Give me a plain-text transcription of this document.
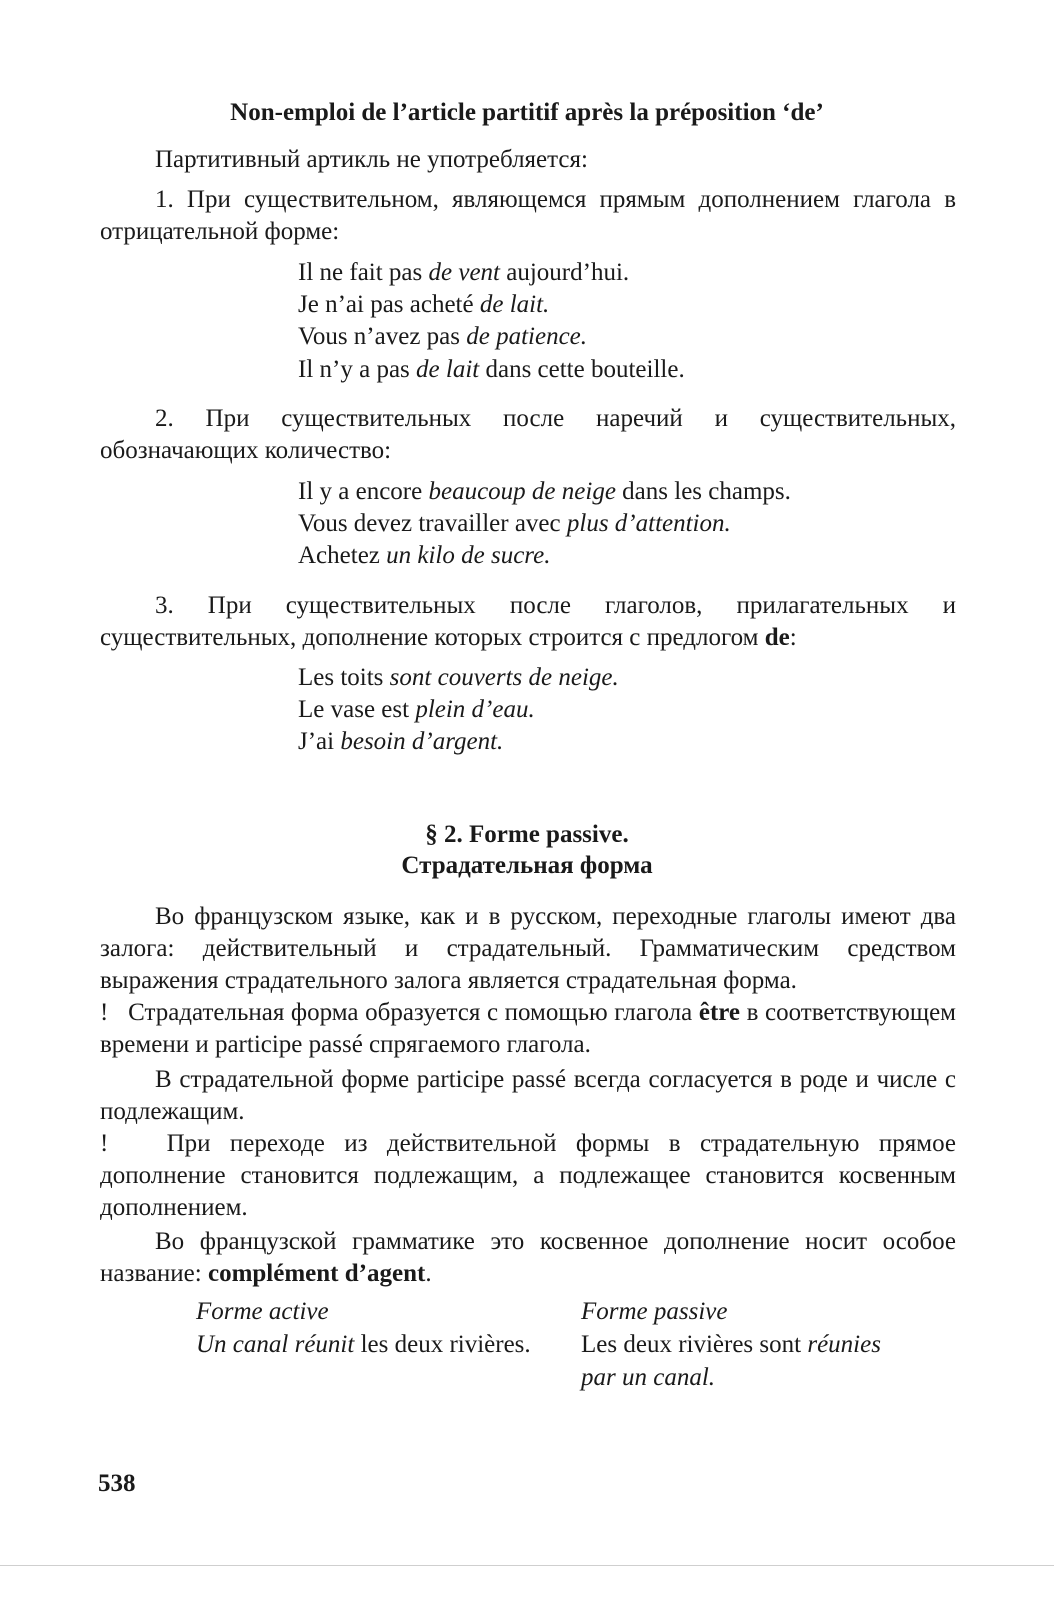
Non-emploi de l’article partitif après la préposition ‘de’
Партитивный артикль не употребляется:
1. При существительном, являющемся прямым дополнением глагола в отрицательной форме:
Il ne fait pas de vent aujourd’hui.
Je n’ai pas acheté de lait.
Vous n’avez pas de patience.
Il n’y a pas de lait dans cette bouteille.
2. При существительных после наречий и существительных, обозначающих количество:
Il y a encore beaucoup de neige dans les champs.
Vous devez travailler avec plus d’attention.
Achetez un kilo de sucre.
3. При существительных после глаголов, прилагательных и существительных, дополнение которых строится с предлогом de:
Les toits sont couverts de neige.
Le vase est plein d’eau.
J’ai besoin d’argent.
§ 2. Forme passive.
Страдательная форма
Во французском языке, как и в русском, переходные глаголы имеют два залога: действительный и страдательный. Грамматическим средством выражения страдательного залога является страдательная форма.
! Страдательная форма образуется с помощью глагола être в соответствующем времени и participe passé спрягаемого глагола.
В страдательной форме participe passé всегда согласуется в роде и числе с подлежащим.
! При переходе из действительной формы в страдательную прямое дополнение становится подлежащим, а подлежащее становится косвенным дополнением.
Во французской грамматике это косвенное дополнение носит особое название: complément d’agent.
Forme active	Forme passive
Un canal réunit les deux rivières. Les deux rivières sont réunies
par un canal.
538
